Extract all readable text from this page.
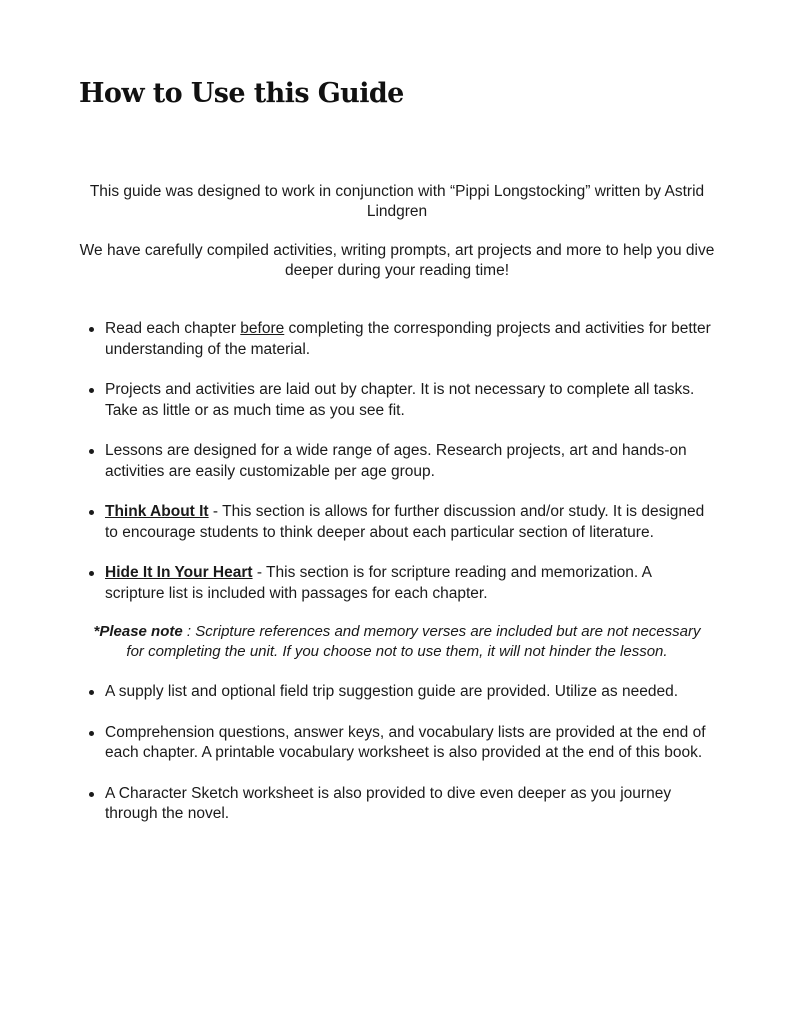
How to Use this Guide

This guide was designed to work in conjunction with “Pippi Longstocking” written by Astrid Lindgren

We have carefully compiled activities, writing prompts, art projects and more to help you dive deeper during your reading time!

Read each chapter before completing the corresponding projects and activities for better understanding of the material.
Projects and activities are laid out by chapter. It is not necessary to complete all tasks. Take as little or as much time as you see fit.
Lessons are designed for a wide range of ages. Research projects, art and hands-on activities are easily customizable per age group.
Think About It - This section is allows for further discussion and/or study. It is designed to encourage students to think deeper about each particular section of literature.
Hide It In Your Heart - This section is for scripture reading and memorization. A scripture list is included with passages for each chapter.
*Please note : Scripture references and memory verses are included but are not necessary for completing the unit. If you choose not to use them, it will not hinder the lesson.
A supply list and optional field trip suggestion guide are provided. Utilize as needed.
Comprehension questions, answer keys, and vocabulary lists are provided at the end of each chapter. A printable vocabulary worksheet is also provided at the end of this book.
A Character Sketch worksheet is also provided to dive even deeper as you journey through the novel.
